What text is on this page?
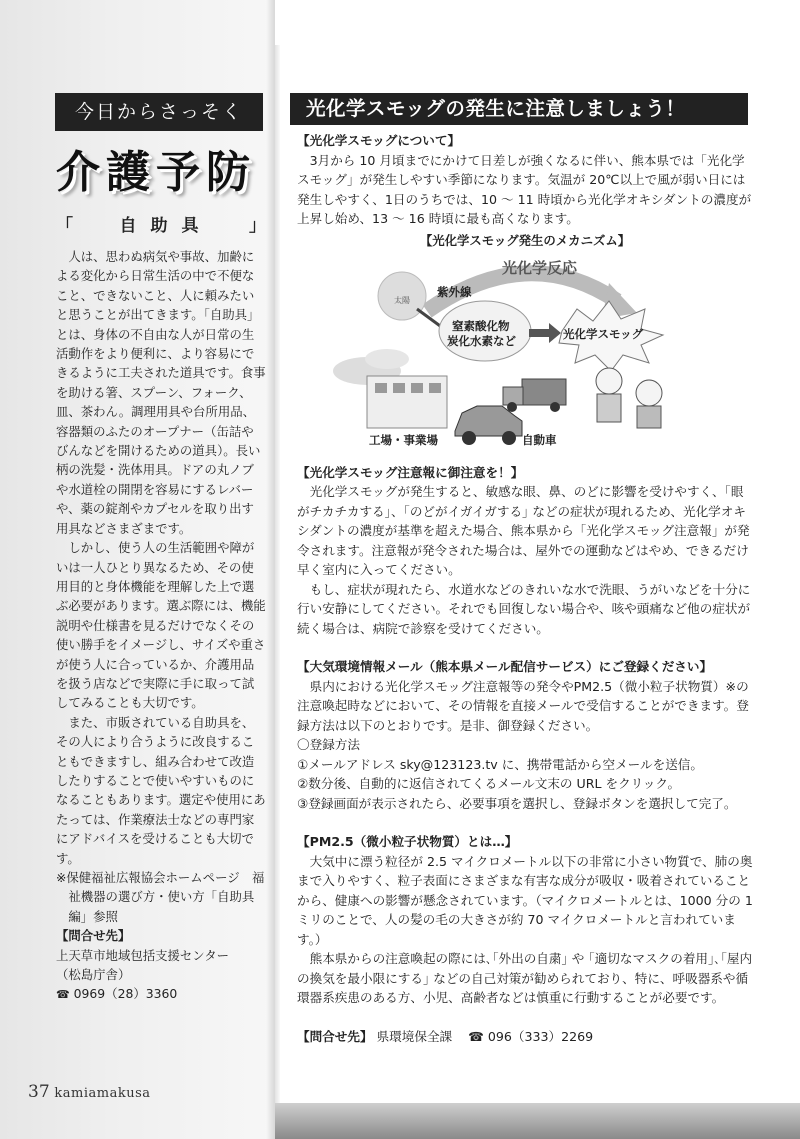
今日からさっそく
介護予防
「	自助具 」

人は、思わぬ病気や事故、加齢による変化から日常生活の中で不便なこと、できないこと、人に頼みたいと思うことが出てきます。「自助具」とは、身体の不自由な人が日常の生活動作をより便利に、より容易にできるように工夫された道具です。食事を助ける箸、スプーン、フォーク、皿、茶わん。調理用具や台所用品、容器類のふたのオープナー（缶詰やびんなどを開けるための道具）。長い柄の洗髪・洗体用具。ドアの丸ノブや水道栓の開閉を容易にするレバーや、薬の錠剤やカプセルを取り出す用具などさまざまです。

しかし、使う人の生活範囲や障がいは一人ひとり異なるため、その使用目的と身体機能を理解した上で選ぶ必要があります。選ぶ際には、機能説明や仕様書を見るだけでなくその使い勝手をイメージし、サイズや重さが使う人に合っているか、介護用品を扱う店などで実際に手に取って試してみることも大切です。

また、市販されている自助具を、その人により合うように改良することもできますし、組み合わせて改造したりすることで使いやすいものになることもあります。選定や使用にあたっては、作業療法士などの専門家にアドバイスを受けることも大切です。

※保健福祉広報協会ホームページ　福祉機器の選び方・使い方「自助具編」参照

【問合せ先】
上天草市地域包括支援センター
（松島庁舎）
☎ 0969（28）3360
37 kamiamakusa
光化学スモッグの発生に注意しましょう！
【光化学スモッグについて】

3月から 10 月頃までにかけて日差しが強くなるに伴い、熊本県では「光化学スモッグ」が発生しやすい季節になります。気温が 20℃以上で風が弱い日には発生しやすく、1日のうちでは、10 ～ 11 時頃から光化学オキシダントの濃度が上昇し始め、13 ～ 16 時頃に最も高くなります。

【光化学スモッグ発生のメカニズム】
光化学反応
太陽
紫外線
窒素酸化物
炭化水素など	光化学スモッグ
工場・事業場	自動車
【光化学スモッグ注意報に御注意を！】

光化学スモッグが発生すると、敏感な眼、鼻、のどに影響を受けやすく、｢眼がチカチカする｣、｢のどがイガイガする｣ などの症状が現れるため、光化学オキシダントの濃度が基準を超えた場合、熊本県から「光化学スモッグ注意報」が発令されます。注意報が発令された場合は、屋外での運動などはやめ、できるだけ早く室内に入ってください。

もし、症状が現れたら、水道水などのきれいな水で洗眼、うがいなどを十分に行い安静にしてください。それでも回復しない場合や、咳や頭痛など他の症状が続く場合は、病院で診察を受けてください。

【大気環境情報メール（熊本県メール配信サービス）にご登録ください】

県内における光化学スモッグ注意報等の発令やPM2.5（微小粒子状物質）※の注意喚起時などにおいて、その情報を直接メールで受信することができます。登録方法は以下のとおりです。是非、御登録ください。

〇登録方法
①メールアドレス sky@123123.tv に、携帯電話から空メールを送信。
②数分後、自動的に返信されてくるメール文末の URL をクリック。
③登録画面が表示されたら、必要事項を選択し、登録ボタンを選択して完了。
【PM2.5（微小粒子状物質）とは…】

大気中に漂う粒径が 2.5 マイクロメートル以下の非常に小さい物質で、肺の奥まで入りやすく、粒子表面にさまざまな有害な成分が吸収・吸着されていることから、健康への影響が懸念されています。（マイクロメートルとは、1000 分の 1 ミリのことで、人の髪の毛の大きさが約 70 マイクロメートルと言われています。）

熊本県からの注意喚起の際には､｢外出の自粛｣ や ｢適切なマスクの着用｣､｢屋内の換気を最小限にする｣ などの自己対策が勧められており、特に、呼吸器系や循環器系疾患のある方、小児、高齢者などは慎重に行動することが必要です。

【問合せ先】 県環境保全課 ☎ 096（333）2269
